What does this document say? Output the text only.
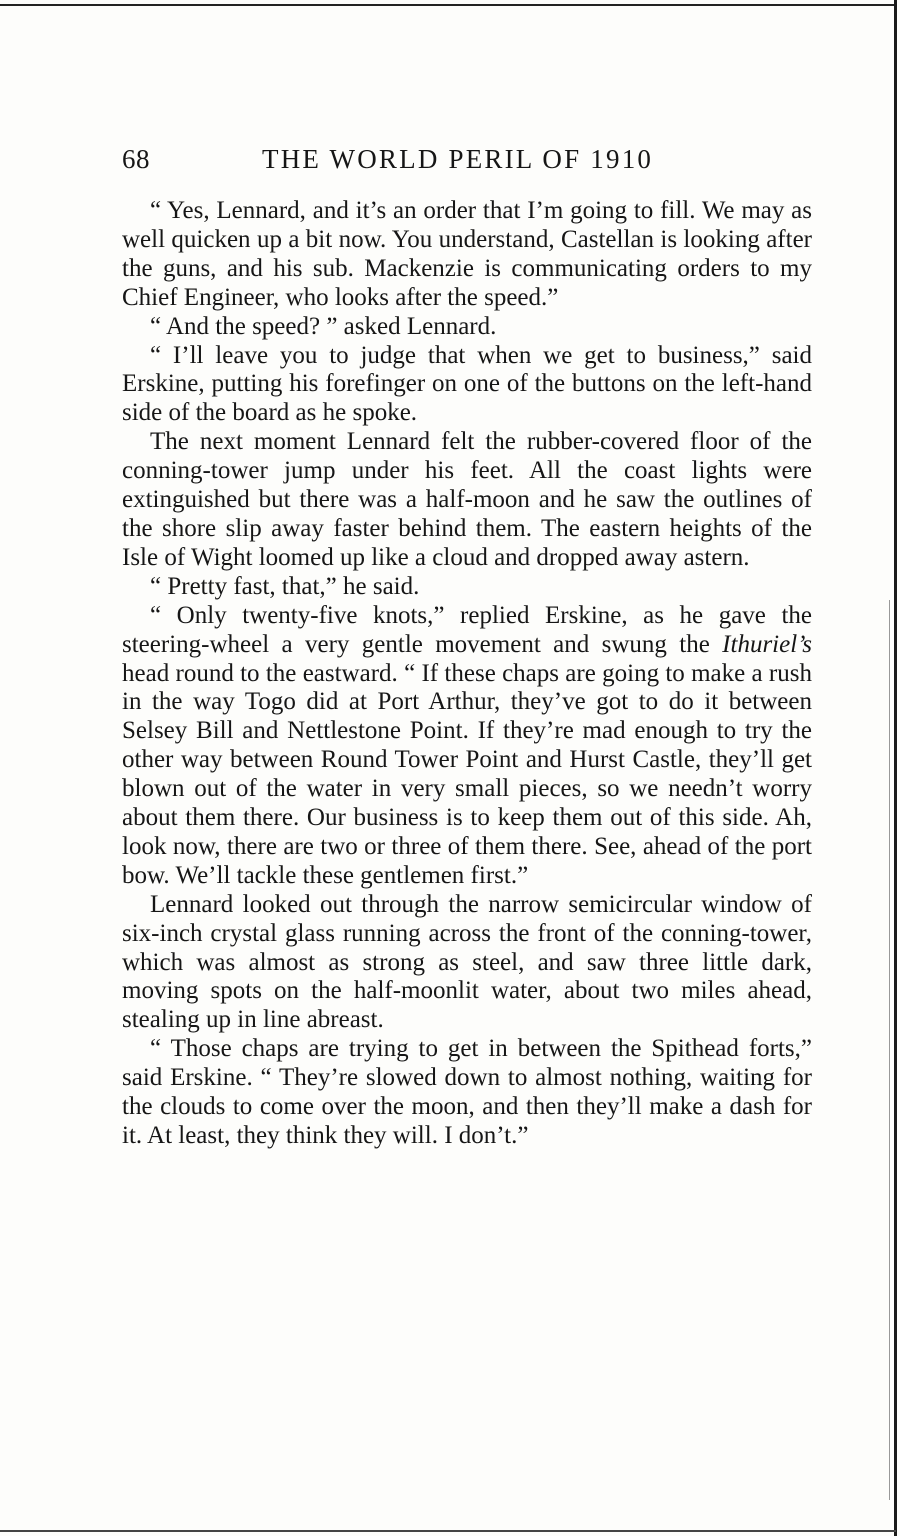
68	THE WORLD PERIL OF 1910

“ Yes, Lennard, and it’s an order that I’m going to fill. We may as well quicken up a bit now. You understand, Castellan is looking after the guns, and his sub. Mackenzie is communicating orders to my Chief Engineer, who looks after the speed.”

“ And the speed? ” asked Lennard.

“ I’ll leave you to judge that when we get to business,” said Erskine, putting his forefinger on one of the buttons on the left-hand side of the board as he spoke.

The next moment Lennard felt the rubber-covered floor of the conning-tower jump under his feet. All the coast lights were extinguished but there was a half-moon and he saw the outlines of the shore slip away faster behind them. The eastern heights of the Isle of Wight loomed up like a cloud and dropped away astern.

“ Pretty fast, that,” he said.

“ Only twenty-five knots,” replied Erskine, as he gave the steering-wheel a very gentle movement and swung the Ithuriel’s head round to the eastward. “ If these chaps are going to make a rush in the way Togo did at Port Arthur, they’ve got to do it between Selsey Bill and Nettlestone Point. If they’re mad enough to try the other way between Round Tower Point and Hurst Castle, they’ll get blown out of the water in very small pieces, so we needn’t worry about them there. Our business is to keep them out of this side. Ah, look now, there are two or three of them there. See, ahead of the port bow. We’ll tackle these gentlemen first.”

Lennard looked out through the narrow semicircular window of six-inch crystal glass running across the front of the conning-tower, which was almost as strong as steel, and saw three little dark, moving spots on the half-moonlit water, about two miles ahead, stealing up in line abreast.

“ Those chaps are trying to get in between the Spithead forts,” said Erskine. “ They’re slowed down to almost nothing, waiting for the clouds to come over the moon, and then they’ll make a dash for it. At least, they think they will. I don’t.”
